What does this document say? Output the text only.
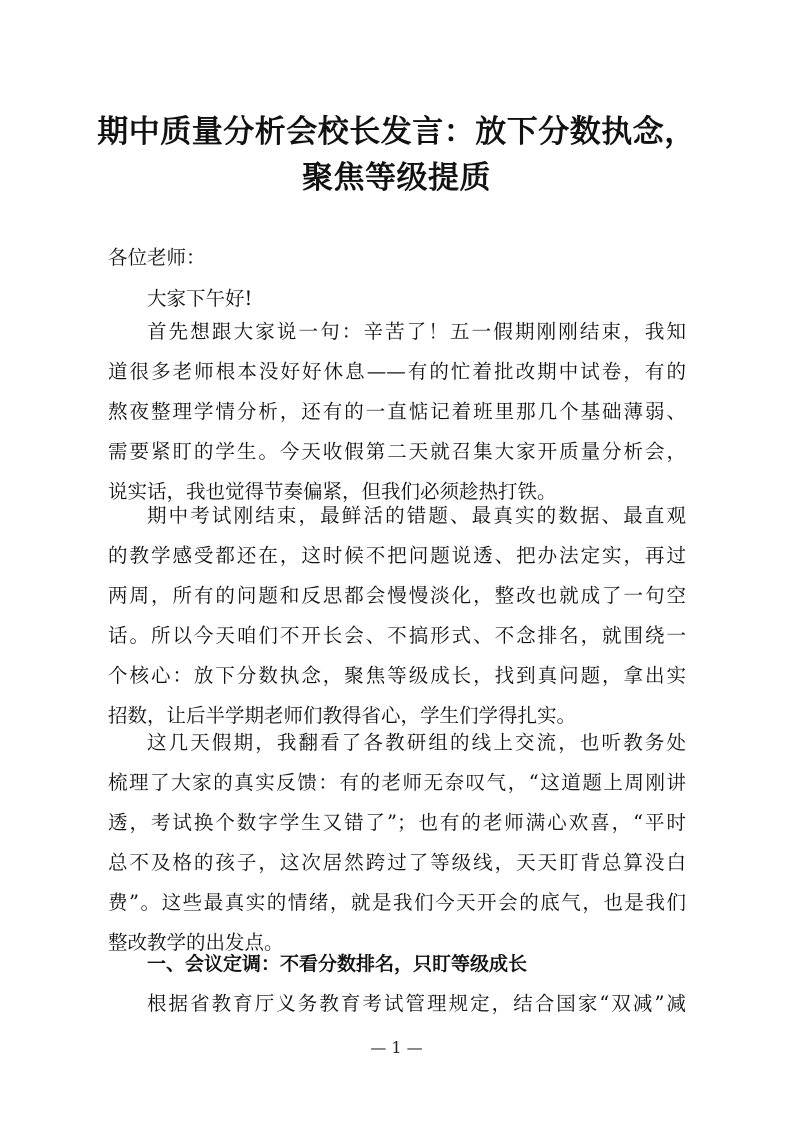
期中质量分析会校长发言：放下分数执念，
聚焦等级提质
各位老师：
大家下午好!
首先想跟大家说一句：辛苦了！五一假期刚刚结束，我知
道很多老师根本没好好休息——有的忙着批改期中试卷，有的
熬夜整理学情分析，还有的一直惦记着班里那几个基础薄弱、
需要紧盯的学生。今天收假第二天就召集大家开质量分析会，
说实话，我也觉得节奏偏紧，但我们必须趁热打铁。
期中考试刚结束，最鲜活的错题、最真实的数据、最直观
的教学感受都还在，这时候不把问题说透、把办法定实，再过
两周，所有的问题和反思都会慢慢淡化，整改也就成了一句空
话。所以今天咱们不开长会、不搞形式、不念排名，就围绕一
个核心：放下分数执念，聚焦等级成长，找到真问题，拿出实
招数，让后半学期老师们教得省心，学生们学得扎实。
这几天假期，我翻看了各教研组的线上交流，也听教务处
梳理了大家的真实反馈：有的老师无奈叹气，“这道题上周刚讲
透，考试换个数字学生又错了”；也有的老师满心欢喜，“平时
总不及格的孩子，这次居然跨过了等级线，天天盯背总算没白
费”。这些最真实的情绪，就是我们今天开会的底气，也是我们
整改教学的出发点。
一、会议定调：不看分数排名，只盯等级成长
根据省教育厅义务教育考试管理规定，结合国家“双减”减
— 1 —
